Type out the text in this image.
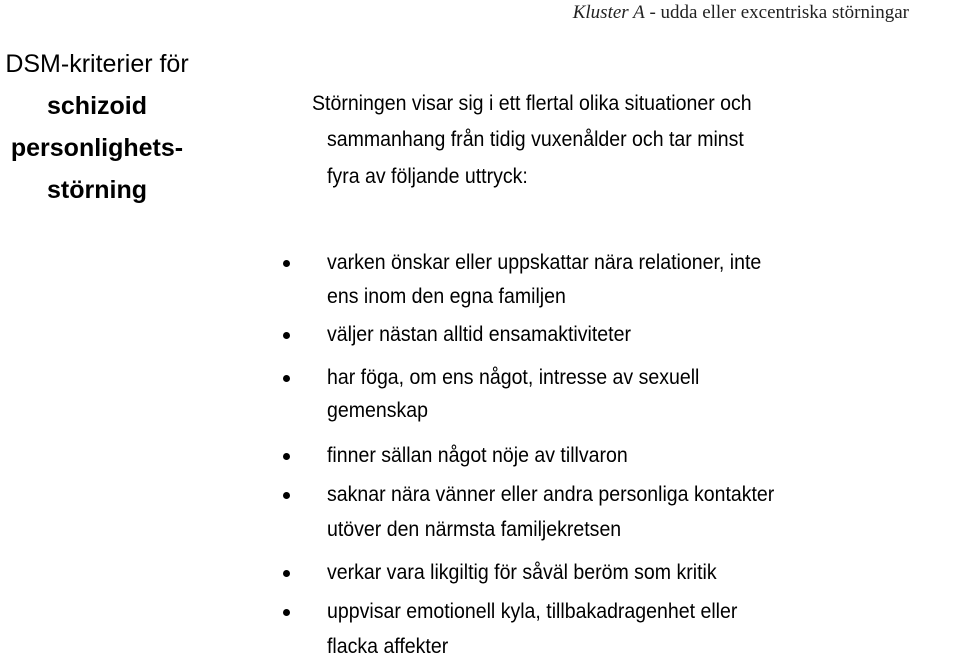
Kluster A - udda eller excentriska störningar
DSM-kriterier för
schizoid
personlighets-
störning
Störningen visar sig i ett flertal olika situationer och
sammanhang från tidig vuxenålder och tar minst
fyra av följande uttryck:
varken önskar eller uppskattar nära relationer, inte
ens inom den egna familjen
väljer nästan alltid ensamaktiviteter
har föga, om ens något, intresse av sexuell
gemenskap
finner sällan något nöje av tillvaron
saknar nära vänner eller andra personliga kontakter
utöver den närmsta familjekretsen
verkar vara likgiltig för såväl beröm som kritik
uppvisar emotionell kyla, tillbakadragenhet eller
flacka affekter
